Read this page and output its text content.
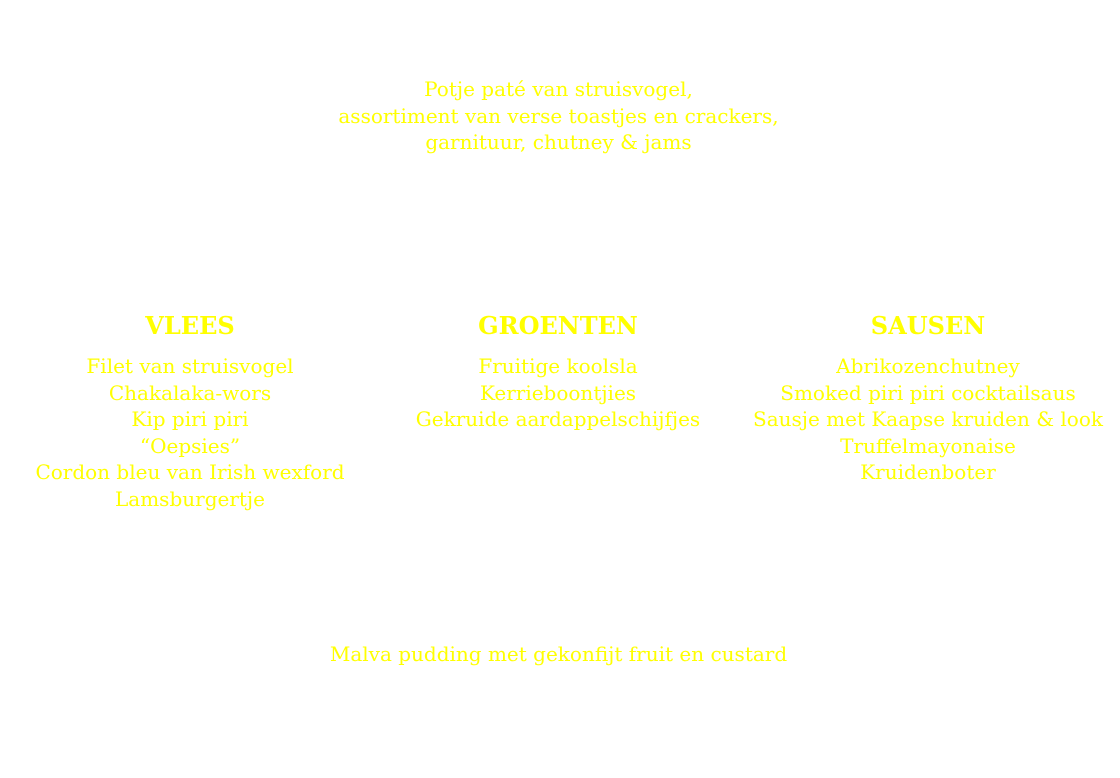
Potje paté van struisvogel,
assortiment van verse toastjes en crackers,
garnituur, chutney & jams
VLEES
Filet van struisvogel
Chakalaka-wors
Kip piri piri
“Oepsies”
Cordon bleu van Irish wexford
Lamsburgertje
GROENTEN
Fruitige koolsla
Kerrieboontjies
Gekruide aardappelschijfjes
SAUSEN
Abrikozenchutney
Smoked piri piri cocktailsaus
Sausje met Kaapse kruiden & look
Truffelmayonaise
Kruidenboter
Malva pudding met gekonfijt fruit en custard
